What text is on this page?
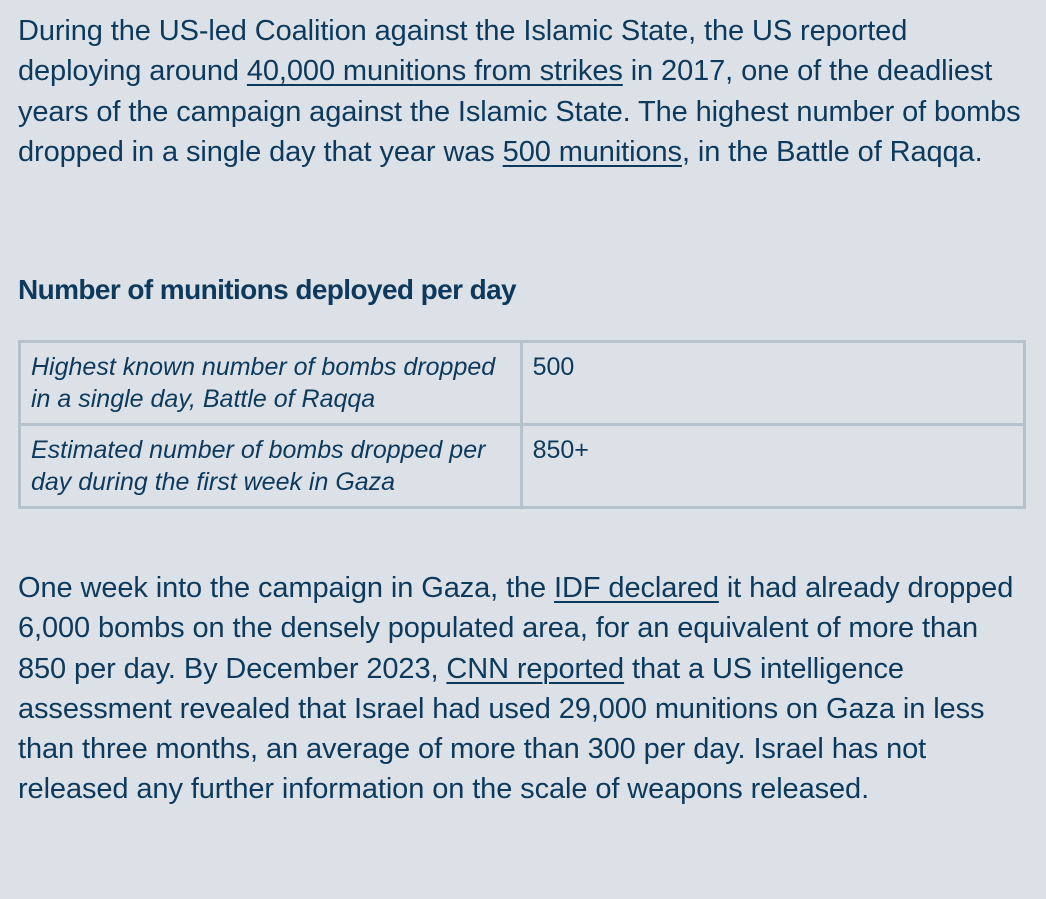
During the US-led Coalition against the Islamic State, the US reported deploying around 40,000 munitions from strikes in 2017, one of the deadliest years of the campaign against the Islamic State. The highest number of bombs dropped in a single day that year was 500 munitions, in the Battle of Raqqa.

Number of munitions deployed per day
Highest known number of bombs dropped in a single day, Battle of Raqqa	500
Estimated number of bombs dropped per day during the first week in Gaza	850+

One week into the campaign in Gaza, the IDF declared it had already dropped 6,000 bombs on the densely populated area, for an equivalent of more than 850 per day. By December 2023, CNN reported that a US intelligence assessment revealed that Israel had used 29,000 munitions on Gaza in less than three months, an average of more than 300 per day. Israel has not released any further information on the scale of weapons released.
